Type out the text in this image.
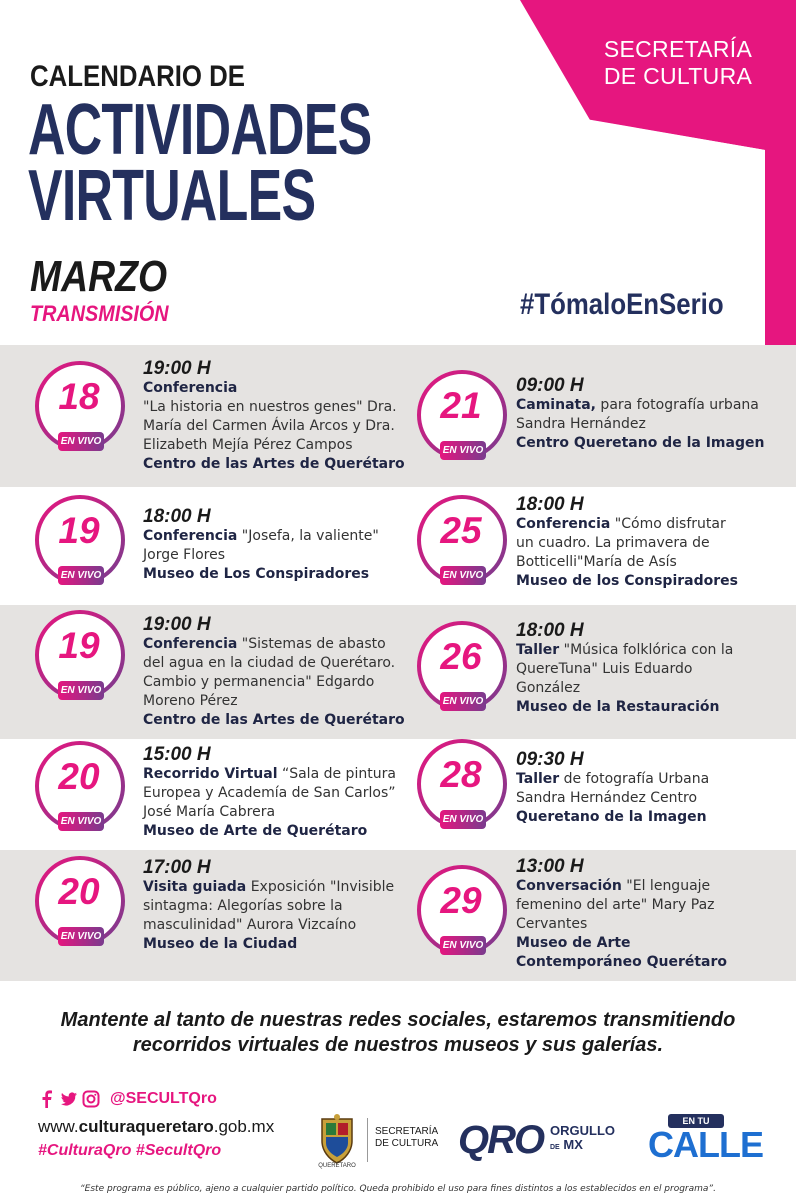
SECRETARÍA DE CULTURA
CALENDARIO DE
ACTIVIDADES
VIRTUALES
MARZO
TRANSMISIÓN	#TómaloEnSerio
18
EN VIVO
19:00 H
Conferencia
"La historia en nuestros genes" Dra. María del Carmen Ávila Arcos y Dra. Elizabeth Mejía Pérez Campos
Centro de las Artes de Querétaro
19
EN VIVO
18:00 H
Conferencia "Josefa, la valiente" Jorge Flores
Museo de Los Conspiradores
19
EN VIVO
19:00 H
Conferencia "Sistemas de abasto del agua en la ciudad de Querétaro. Cambio y permanencia" Edgardo Moreno Pérez
Centro de las Artes de Querétaro
20
EN VIVO
15:00 H
Recorrido Virtual “Sala de pintura Europea y Academía de San Carlos” José María Cabrera
Museo de Arte de Querétaro
20
EN VIVO
17:00 H
Visita guiada Exposición "Invisible sintagma: Alegorías sobre la masculinidad" Aurora Vizcaíno
Museo de la Ciudad
21
EN VIVO
09:00 H
Caminata, para fotografía urbana Sandra Hernández
Centro Queretano de la Imagen
25
EN VIVO
18:00 H
Conferencia "Cómo disfrutar un cuadro. La primavera de Botticelli"María de Asís
Museo de los Conspiradores
26
EN VIVO
18:00 H
Taller "Música folklórica con la QuereTuna" Luis Eduardo González
Museo de la Restauración
28
EN VIVO
09:30 H
Taller de fotografía Urbana Sandra Hernández Centro
Queretano de la Imagen
29
EN VIVO
13:00 H
Conversación "El lenguaje femenino del arte" Mary Paz Cervantes
Museo de Arte Contemporáneo Querétaro
Mantente al tanto de nuestras redes sociales, estaremos transmitiendo
recorridos virtuales de nuestros museos y sus galerías.
@SECULTQro
www.culturaqueretaro.gob.mx
#CulturaQro #SecultQro
QUERÉTARO
SECRETARÍA DE CULTURA QRO ORGULLO
DE MX
EN TU
CALLE
“Este programa es público, ajeno a cualquier partido político. Queda prohibido el uso para fines distintos a los establecidos en el programa”.
